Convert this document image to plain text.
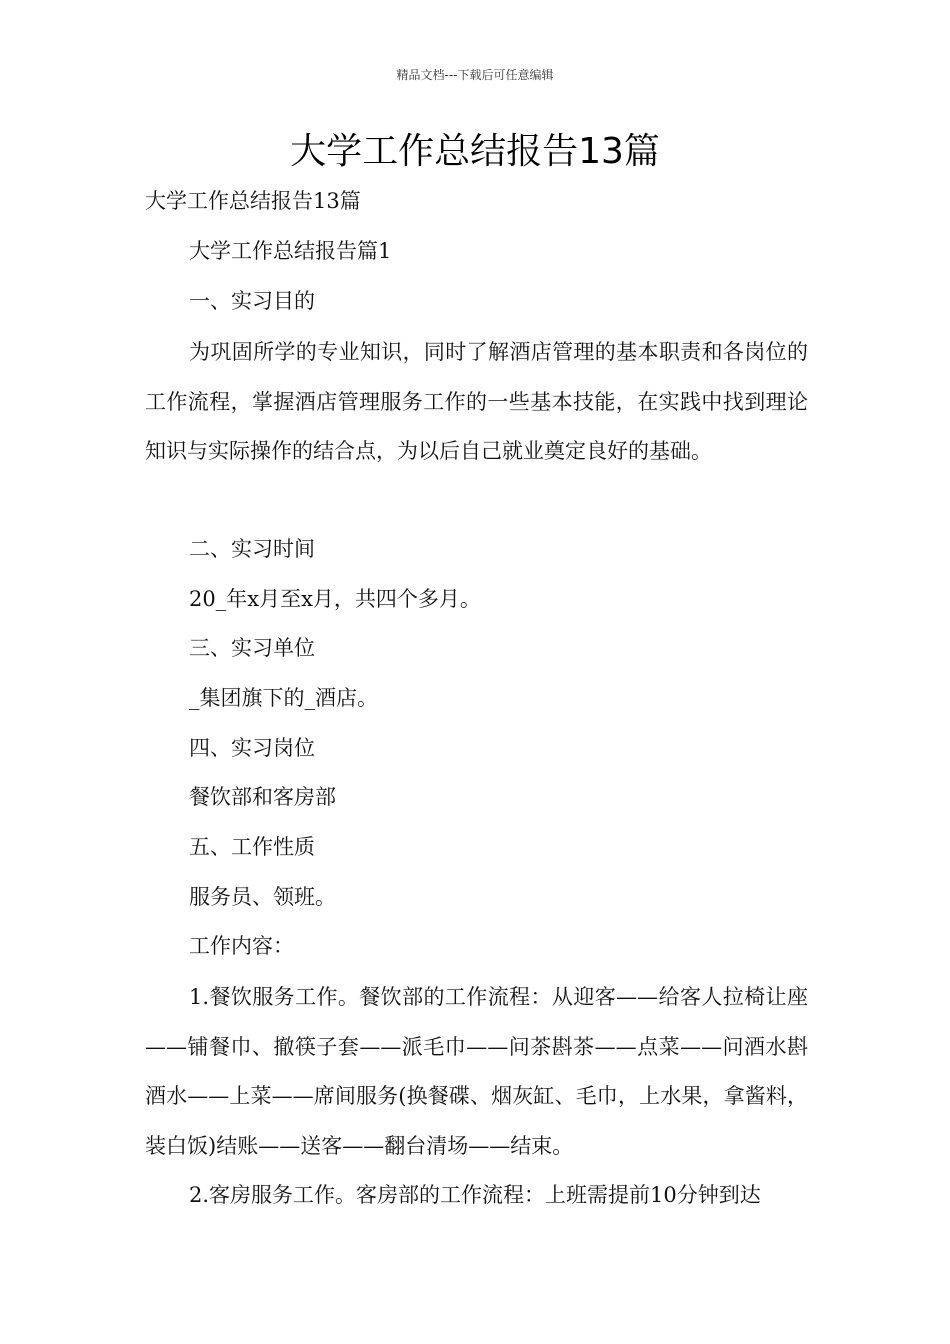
精品文档---下载后可任意编辑
大学工作总结报告13篇
大学工作总结报告13篇
大学工作总结报告篇1
一、实习目的
为巩固所学的专业知识，同时了解酒店管理的基本职责和各岗位的工作流程，掌握酒店管理服务工作的一些基本技能，在实践中找到理论知识与实际操作的结合点，为以后自己就业奠定良好的基础。
二、实习时间
20_年x月至x月，共四个多月。
三、实习单位
_集团旗下的_酒店。
四、实习岗位
餐饮部和客房部
五、工作性质
服务员、领班。
工作内容：
1.餐饮服务工作。餐饮部的工作流程：从迎客——给客人拉椅让座——铺餐巾、撤筷子套——派毛巾——问茶斟茶——点菜——问酒水斟酒水——上菜——席间服务(换餐碟、烟灰缸、毛巾，上水果，拿酱料，装白饭)结账——送客——翻台清场——结束。
2.客房服务工作。客房部的工作流程：上班需提前10分钟到达
